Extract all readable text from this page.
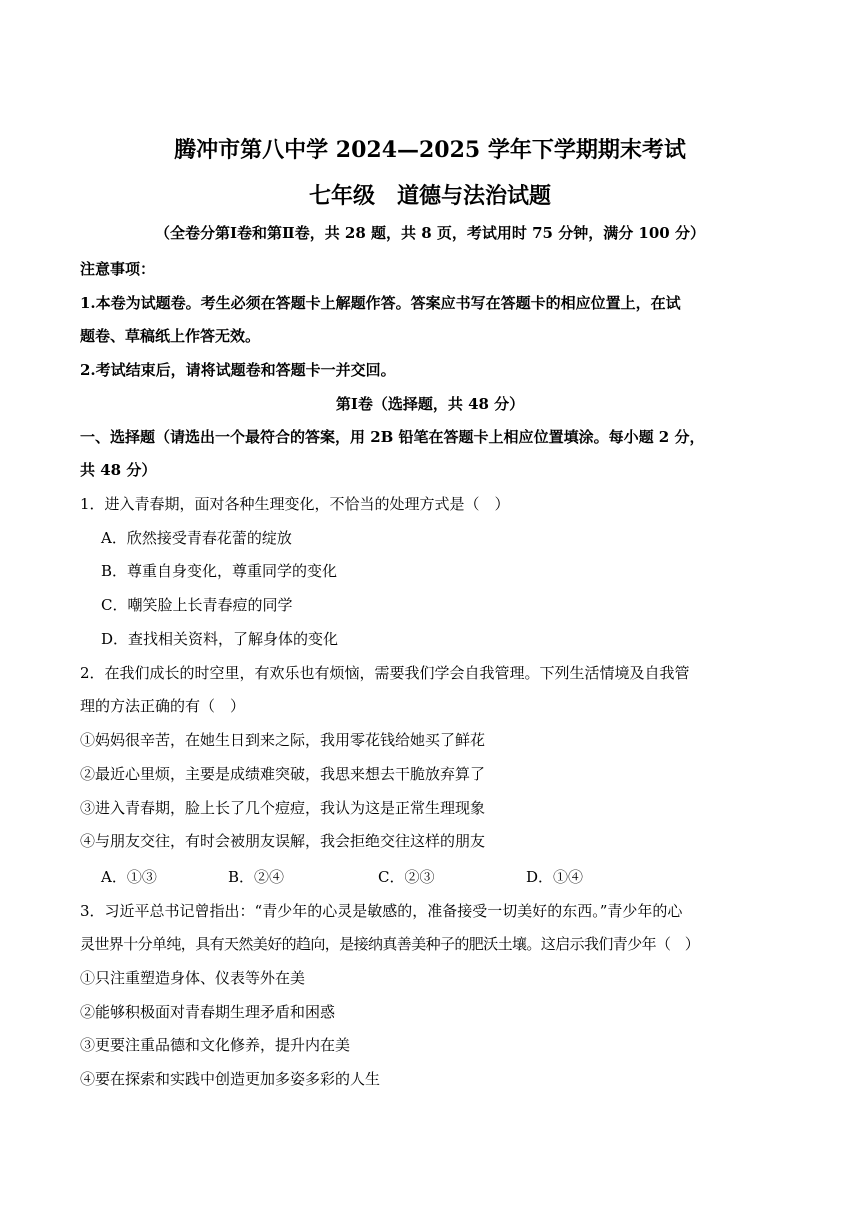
腾冲市第八中学 2024—2025 学年下学期期末考试
七年级　道德与法治试题
（全卷分第Ⅰ卷和第Ⅱ卷，共 28 题，共 8 页，考试用时 75 分钟，满分 100 分）
注意事项：
1.本卷为试题卷。考生必须在答题卡上解题作答。答案应书写在答题卡的相应位置上，在试
题卷、草稿纸上作答无效。
2.考试结束后，请将试题卷和答题卡一并交回。
第Ⅰ卷（选择题，共 48 分）
一、选择题（请选出一个最符合的答案，用 2B 铅笔在答题卡上相应位置填涂。每小题 2 分，
共 48 分）
1．进入青春期，面对各种生理变化，不恰当的处理方式是（　）
A．欣然接受青春花蕾的绽放
B．尊重自身变化，尊重同学的变化
C．嘲笑脸上长青春痘的同学
D．查找相关资料，了解身体的变化
2．在我们成长的时空里，有欢乐也有烦恼，需要我们学会自我管理。下列生活情境及自我管
理的方法正确的有（　）
①妈妈很辛苦，在她生日到来之际，我用零花钱给她买了鲜花
②最近心里烦，主要是成绩难突破，我思来想去干脆放弃算了
③进入青春期，脸上长了几个痘痘，我认为这是正常生理现象
④与朋友交往，有时会被朋友误解，我会拒绝交往这样的朋友
A．①③	B．②④	C．②③	D．①④
3．习近平总书记曾指出：“青少年的心灵是敏感的，准备接受一切美好的东西。”青少年的心
灵世界十分单纯，具有天然美好的趋向，是接纳真善美种子的肥沃土壤。这启示我们青少年（　）
①只注重塑造身体、仪表等外在美
②能够积极面对青春期生理矛盾和困惑
③更要注重品德和文化修养，提升内在美
④要在探索和实践中创造更加多姿多彩的人生
